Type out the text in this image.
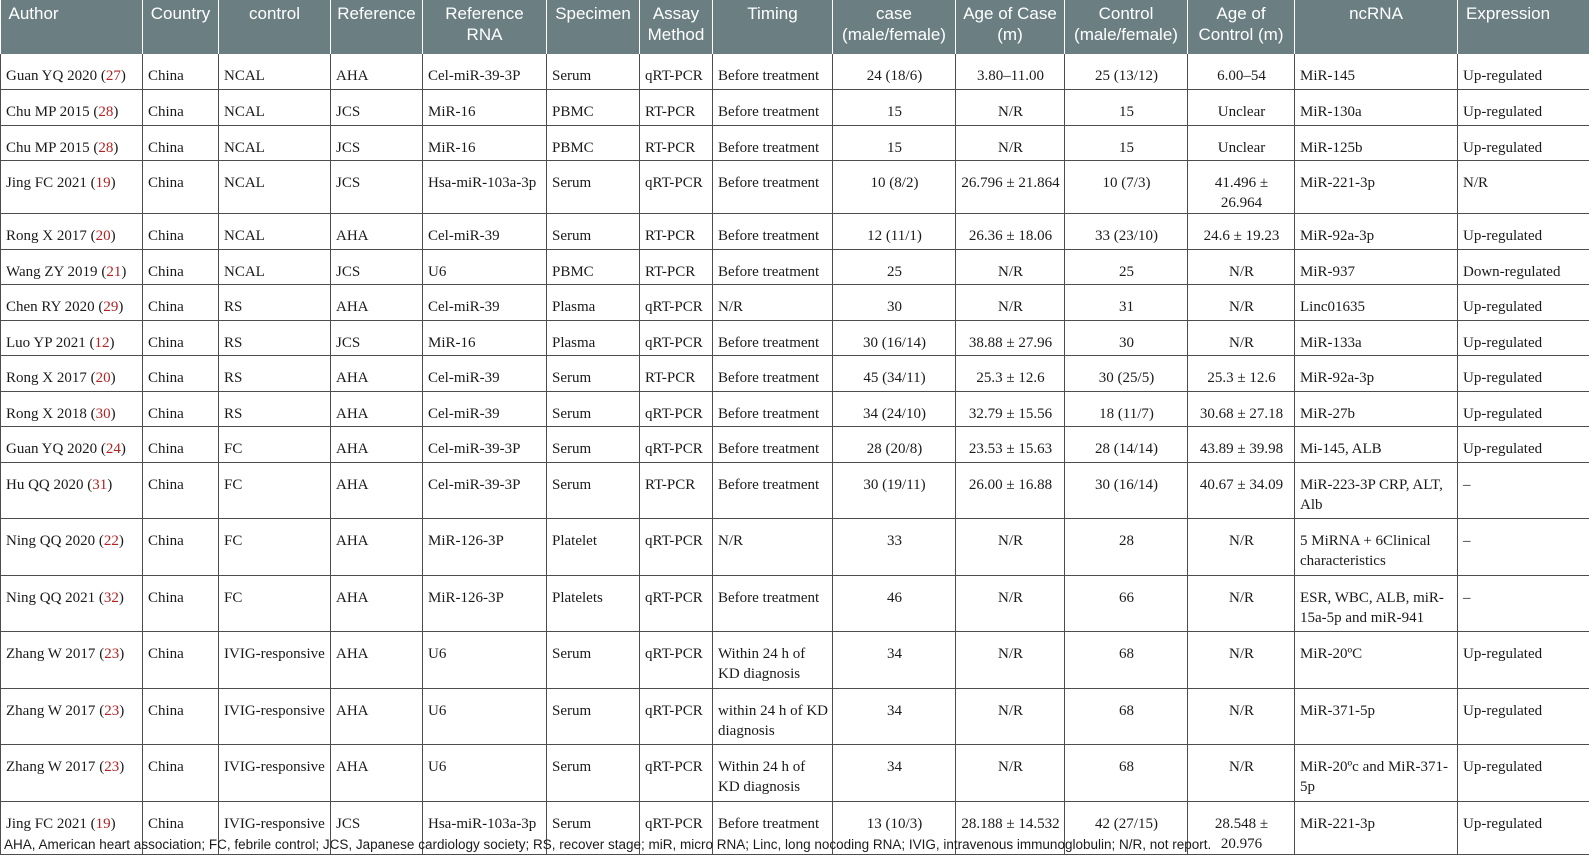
Author	Country	control	Reference	Reference RNA	Specimen	Assay Method	Timing	case (male/female)	Age of Case (m)	Control (male/female)	Age of Control (m)	ncRNA	Expression
Guan YQ 2020 (27)	China	NCAL	AHA	Cel-miR-39-3P	Serum	qRT-PCR	Before treatment	24 (18/6)	3.80–11.00	25 (13/12)	6.00–54	MiR-145	Up-regulated
Chu MP 2015 (28)	China	NCAL	JCS	MiR-16	PBMC	RT-PCR	Before treatment	15	N/R	15	Unclear	MiR-130a	Up-regulated
Chu MP 2015 (28)	China	NCAL	JCS	MiR-16	PBMC	RT-PCR	Before treatment	15	N/R	15	Unclear	MiR-125b	Up-regulated
Jing FC 2021 (19)	China	NCAL	JCS	Hsa-miR-103a-3p	Serum	qRT-PCR	Before treatment	10 (8/2)	26.796 ± 21.864	10 (7/3)	41.496 ± 26.964	MiR-221-3p	N/R
Rong X 2017 (20)	China	NCAL	AHA	Cel-miR-39	Serum	RT-PCR	Before treatment	12 (11/1)	26.36 ± 18.06	33 (23/10)	24.6 ± 19.23	MiR-92a-3p	Up-regulated
Wang ZY 2019 (21)	China	NCAL	JCS	U6	PBMC	RT-PCR	Before treatment	25	N/R	25	N/R	MiR-937	Down-regulated
Chen RY 2020 (29)	China	RS	AHA	Cel-miR-39	Plasma	qRT-PCR	N/R	30	N/R	31	N/R	Linc01635	Up-regulated
Luo YP 2021 (12)	China	RS	JCS	MiR-16	Plasma	qRT-PCR	Before treatment	30 (16/14)	38.88 ± 27.96	30	N/R	MiR-133a	Up-regulated
Rong X 2017 (20)	China	RS	AHA	Cel-miR-39	Serum	RT-PCR	Before treatment	45 (34/11)	25.3 ± 12.6	30 (25/5)	25.3 ± 12.6	MiR-92a-3p	Up-regulated
Rong X 2018 (30)	China	RS	AHA	Cel-miR-39	Serum	qRT-PCR	Before treatment	34 (24/10)	32.79 ± 15.56	18 (11/7)	30.68 ± 27.18	MiR-27b	Up-regulated
Guan YQ 2020 (24)	China	FC	AHA	Cel-miR-39-3P	Serum	qRT-PCR	Before treatment	28 (20/8)	23.53 ± 15.63	28 (14/14)	43.89 ± 39.98	Mi-145, ALB	Up-regulated
Hu QQ 2020 (31)	China	FC	AHA	Cel-miR-39-3P	Serum	RT-PCR	Before treatment	30 (19/11)	26.00 ± 16.88	30 (16/14)	40.67 ± 34.09	MiR-223-3P CRP, ALT, Alb	–
Ning QQ 2020 (22)	China	FC	AHA	MiR-126-3P	Platelet	qRT-PCR	N/R	33	N/R	28	N/R	5 MiRNA + 6Clinical characteristics	–
Ning QQ 2021 (32)	China	FC	AHA	MiR-126-3P	Platelets	qRT-PCR	Before treatment	46	N/R	66	N/R	ESR, WBC, ALB, miR-15a-5p and miR-941	–
Zhang W 2017 (23)	China	IVIG-responsive	AHA	U6	Serum	qRT-PCR	Within 24 h of KD diagnosis	34	N/R	68	N/R	MiR-20ºC	Up-regulated
Zhang W 2017 (23)	China	IVIG-responsive	AHA	U6	Serum	qRT-PCR	within 24 h of KD diagnosis	34	N/R	68	N/R	MiR-371-5p	Up-regulated
Zhang W 2017 (23)	China	IVIG-responsive	AHA	U6	Serum	qRT-PCR	Within 24 h of KD diagnosis	34	N/R	68	N/R	MiR-20ºc and MiR-371-5p	Up-regulated
Jing FC 2021 (19)	China	IVIG-responsive	JCS	Hsa-miR-103a-3p	Serum	qRT-PCR	Before treatment	13 (10/3)	28.188 ± 14.532	42 (27/15)	28.548 ± 20.976	MiR-221-3p	Up-regulated
AHA, American heart association; FC, febrile control; JCS, Japanese cardiology society; RS, recover stage; miR, micro RNA; Linc, long nocoding RNA; IVIG, intravenous immunoglobulin; N/R, not report.
